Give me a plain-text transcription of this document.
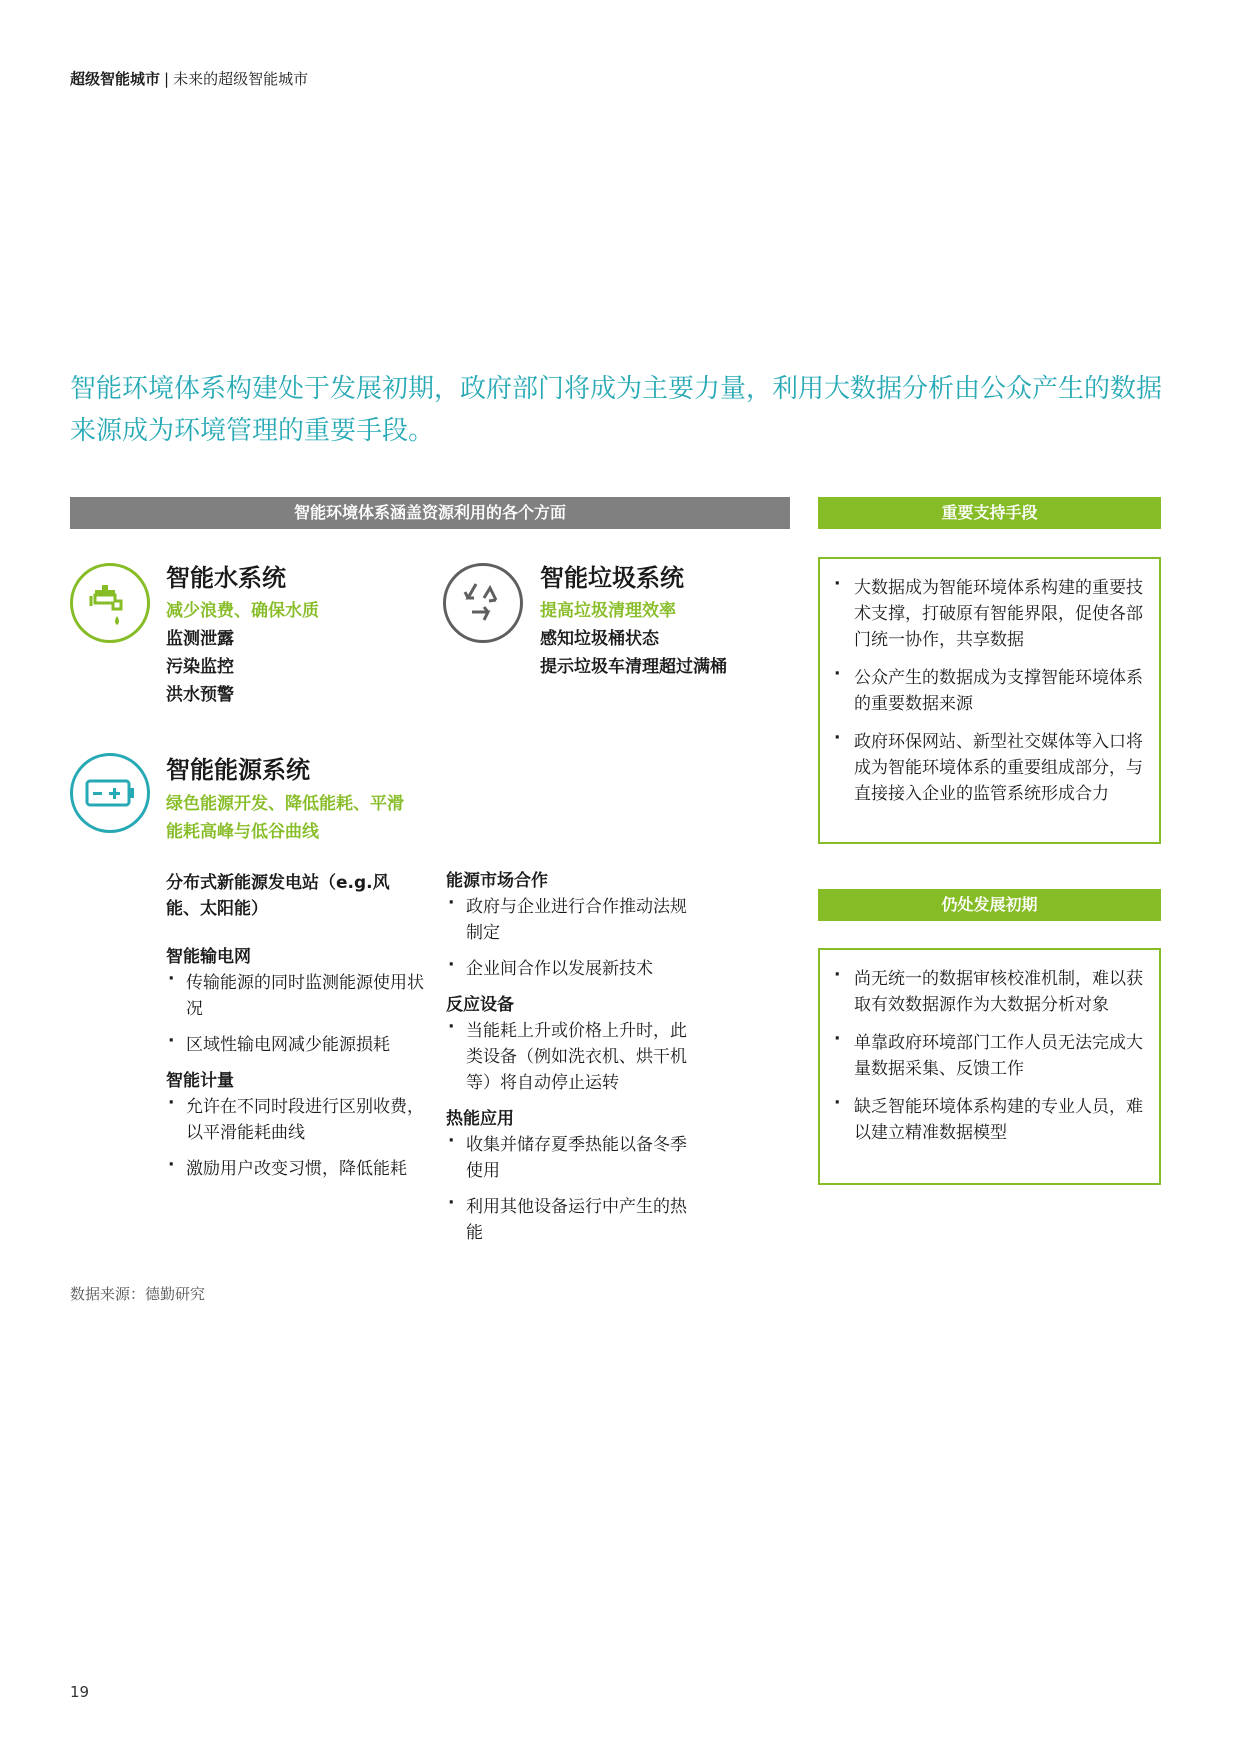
超级智能城市 | 未来的超级智能城市
智能环境体系构建处于发展初期，政府部门将成为主要力量，利用大数据分析由公众产生的数据来源成为环境管理的重要手段。
智能环境体系涵盖资源利用的各个方面
智能水系统
减少浪费、确保水质
监测泄露
污染监控
洪水预警
智能垃圾系统
提高垃圾清理效率
感知垃圾桶状态
提示垃圾车清理超过满桶
智能能源系统
绿色能源开发、降低能耗、平滑
能耗高峰与低谷曲线
分布式新能源发电站（e.g.风
能、太阳能）
智能输电网
· 传输能源的同时监测能源使用状况
· 区域性输电网减少能源损耗
智能计量
· 允许在不同时段进行区别收费，以平滑能耗曲线
· 激励用户改变习惯，降低能耗
能源市场合作
· 政府与企业进行合作推动法规制定
· 企业间合作以发展新技术
反应设备
· 当能耗上升或价格上升时，此类设备（例如洗衣机、烘干机等）将自动停止运转
热能应用
· 收集并储存夏季热能以备冬季使用
· 利用其他设备运行中产生的热能
重要支持手段
· 大数据成为智能环境体系构建的重要技术支撑，打破原有智能界限，促使各部门统一协作，共享数据
· 公众产生的数据成为支撑智能环境体系的重要数据来源
· 政府环保网站、新型社交媒体等入口将成为智能环境体系的重要组成部分，与直接接入企业的监管系统形成合力
仍处发展初期
· 尚无统一的数据审核校准机制，难以获取有效数据源作为大数据分析对象
· 单靠政府环境部门工作人员无法完成大量数据采集、反馈工作
· 缺乏智能环境体系构建的专业人员，难以建立精准数据模型
数据来源：德勤研究
19
